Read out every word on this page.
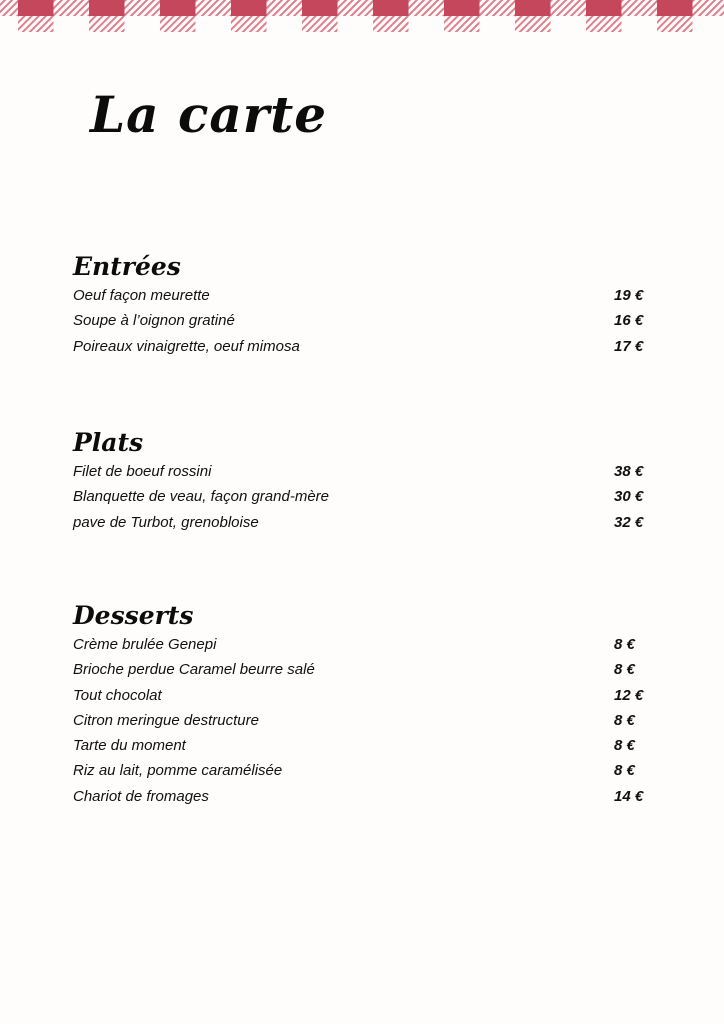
La carte
Entrées
Oeuf façon meurette	19 €
Soupe à l’oignon gratiné	16 €
Poireaux vinaigrette, oeuf mimosa	17 €
Plats
Filet de boeuf rossini	38 €
Blanquette de veau, façon grand-mère	30 €
pave de Turbot, grenobloise	32 €
Desserts
Crème brulée Genepi	8 €
Brioche perdue Caramel beurre salé	8 €
Tout chocolat	12 €
Citron meringue destructure	8 €
Tarte du moment	8 €
Riz au lait, pomme caramélisée	8 €
Chariot de fromages	14 €
